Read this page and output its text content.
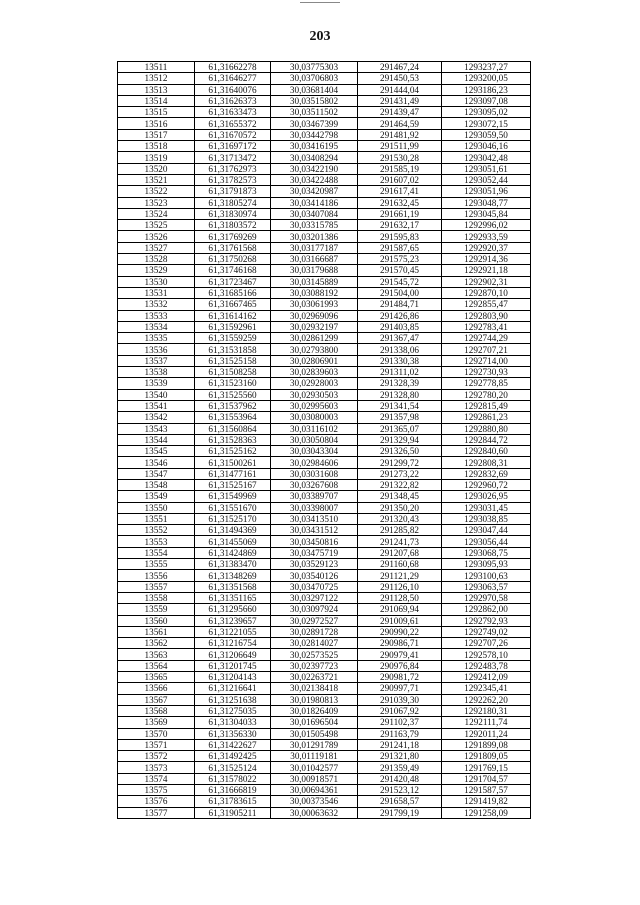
203
·
13511	61,31662278	30,03775303	291467,24	1293237,27
13512	61,31646277	30,03706803	291450,53	1293200,05
13513	61,31640076	30,03681404	291444,04	1293186,23
13514	61,31626373	30,03515802	291431,49	1293097,08
13515	61,31633473	30,03511502	291439,47	1293095,02
13516	61,31655372	30,03467399	291464,59	1293072,15
13517	61,31670572	30,03442798	291481,92	1293059,50
13518	61,31697172	30,03416195	291511,99	1293046,16
13519	61,31713472	30,03408294	291530,28	1293042,48
13520	61,31762973	30,03422190	291585,19	1293051,61
13521	61,31782573	30,03422488	291607,02	1293052,44
13522	61,31791873	30,03420987	291617,41	1293051,96
13523	61,31805274	30,03414186	291632,45	1293048,77
13524	61,31830974	30,03407084	291661,19	1293045,84
13525	61,31803572	30,03315785	291632,17	1292996,02
13526	61,31769269	30,03201386	291595,83	1292933,59
13527	61,31761568	30,03177187	291587,65	1292920,37
13528	61,31750268	30,03166687	291575,23	1292914,36
13529	61,31746168	30,03179688	291570,45	1292921,18
13530	61,31723467	30,03145889	291545,72	1292902,31
13531	61,31685166	30,03088192	291504,00	1292870,10
13532	61,31667465	30,03061993	291484,71	1292855,47
13533	61,31614162	30,02969096	291426,86	1292803,90
13534	61,31592961	30,02932197	291403,85	1292783,41
13535	61,31559259	30,02861299	291367,47	1292744,29
13536	61,31531858	30,02793800	291338,06	1292707,21
13537	61,31525158	30,02806901	291330,38	1292714,00
13538	61,31508258	30,02839603	291311,02	1292730,93
13539	61,31523160	30,02928003	291328,39	1292778,85
13540	61,31525560	30,02930503	291328,80	1292780,20
13541	61,31537962	30,02995603	291341,54	1292815,49
13542	61,31553964	30,03080003	291357,98	1292861,23
13543	61,31560864	30,03116102	291365,07	1292880,80
13544	61,31528363	30,03050804	291329,94	1292844,72
13545	61,31525162	30,03043304	291326,50	1292840,60
13546	61,31500261	30,02984606	291299,72	1292808,31
13547	61,31477161	30,03031608	291273,22	1292832,69
13548	61,31525167	30,03267608	291322,82	1292960,72
13549	61,31549969	30,03389707	291348,45	1293026,95
13550	61,31551670	30,03398007	291350,20	1293031,45
13551	61,31525170	30,03413510	291320,43	1293038,85
13552	61,31494369	30,03431512	291285,82	1293047,44
13553	61,31455069	30,03450816	291241,73	1293056,44
13554	61,31424869	30,03475719	291207,68	1293068,75
13555	61,31383470	30,03529123	291160,68	1293095,93
13556	61,31348269	30,03540126	291121,29	1293100,63
13557	61,31351568	30,03470725	291126,10	1293063,57
13558	61,31351165	30,03297122	291128,50	1292970,58
13559	61,31295660	30,03097924	291069,94	1292862,00
13560	61,31239657	30,02972527	291009,61	1292792,93
13561	61,31221055	30,02891728	290990,22	1292749,02
13562	61,31216754	30,02814027	290986,71	1292707,26
13563	61,31206649	30,02573525	290979,41	1292578,10
13564	61,31201745	30,02397723	290976,84	1292483,78
13565	61,31204143	30,02263721	290981,72	1292412,09
13566	61,31216641	30,02138418	290997,71	1292345,41
13567	61,31251638	30,01980813	291039,30	1292262,20
13568	61,31275035	30,01826409	291067,92	1292180,31
13569	61,31304033	30,01696504	291102,37	1292111,74
13570	61,31356330	30,01505498	291163,79	1292011,24
13571	61,31422627	30,01291789	291241,18	1291899,08
13572	61,31492425	30,01119181	291321,80	1291809,05
13573	61,31525124	30,01042577	291359,49	1291769,15
13574	61,31578022	30,00918571	291420,48	1291704,57
13575	61,31666819	30,00694361	291523,12	1291587,57
13576	61,31783615	30,00373546	291658,57	1291419,82
13577	61,31905211	30,00063632	291799,19	1291258,09
